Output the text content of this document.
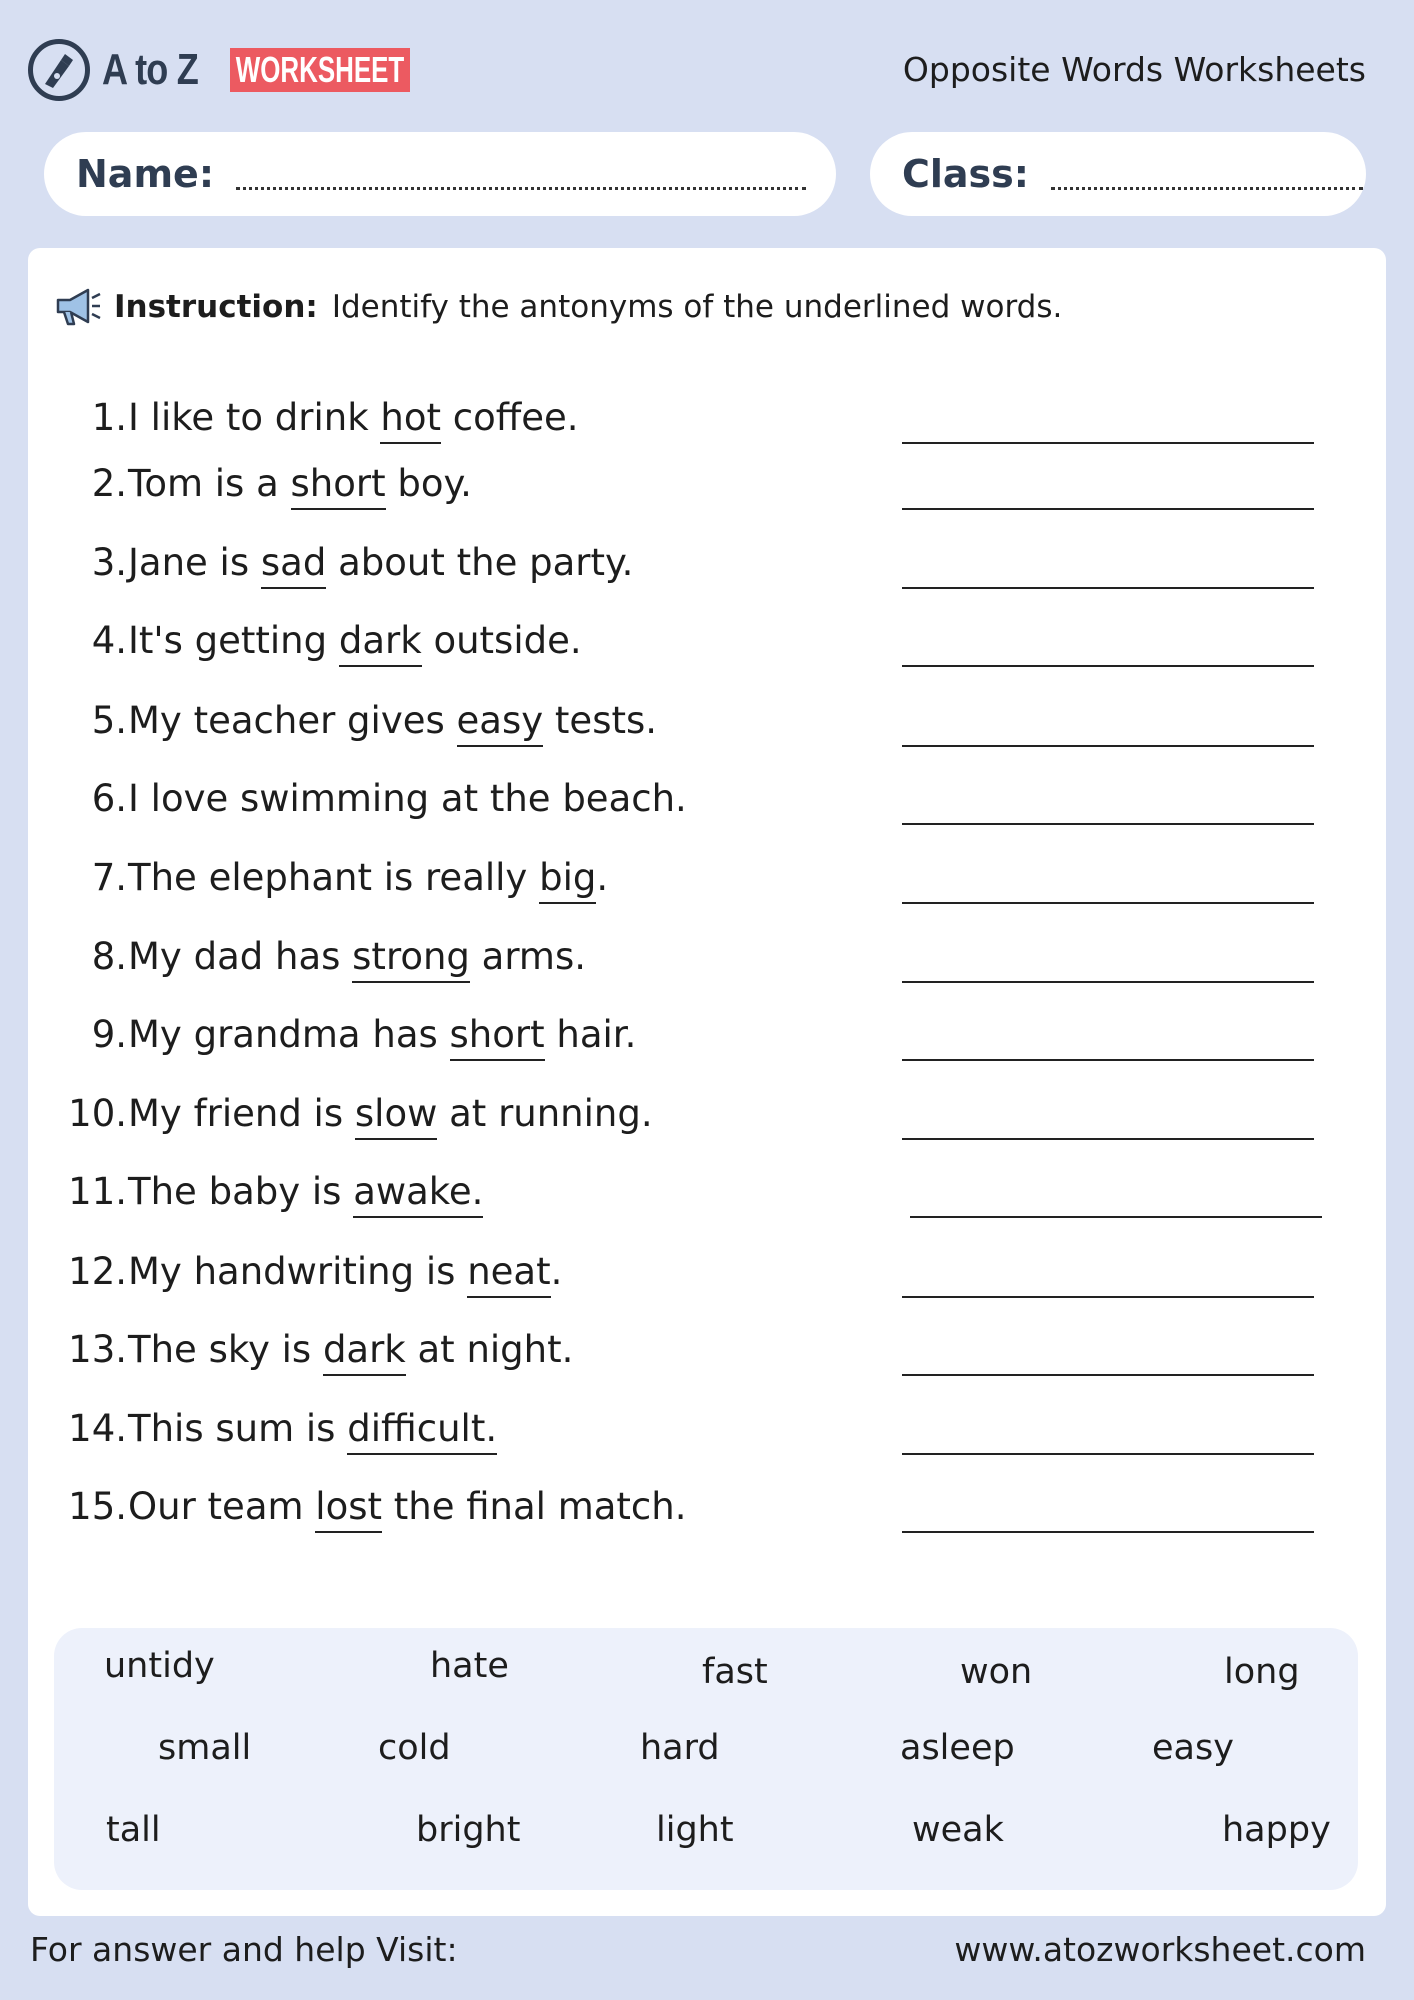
A to Z WORKSHEET	Opposite Words Worksheets
Name:	Class:
Instruction: Identify the antonyms of the underlined words.
1. I like to drink hot coffee.
2. Tom is a short boy.
3. Jane is sad about the party.
4. It's getting dark outside.
5. My teacher gives easy tests.
6. I love swimming at the beach.
7. The elephant is really big.
8. My dad has strong arms.
9. My grandma has short hair.
10. My friend is slow at running.
11. The baby is awake.
12. My handwriting is neat.
13. The sky is dark at night.
14. This sum is difficult.
15. Our team lost the final match.
untidy	hate	fast	won	long
small	cold	hard	asleep	easy
tall	bright	light	weak	happy
For answer and help Visit:	www.atozworksheet.com
